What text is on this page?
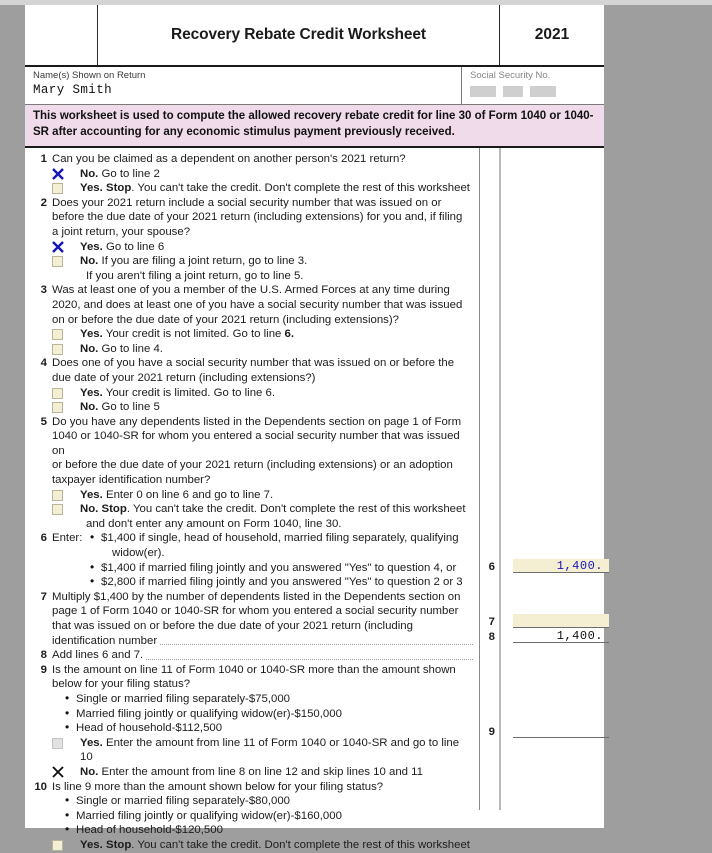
Recovery Rebate Credit Worksheet	2021
Name(s) Shown on Return
Mary Smith
Social Security No.

This worksheet is used to compute the allowed recovery rebate credit for line 30 of Form 1040 or 1040-SR after accounting for any economic stimulus payment previously received.

1 Can you be claimed as a dependent on another person's 2021 return?
No. Go to line 2
Yes. Stop. You can't take the credit. Don't complete the rest of this worksheet
2 Does your 2021 return include a social security number that was issued on or
before the due date of your 2021 return (including extensions) for you and, if filing
a joint return, your spouse?
Yes. Go to line 6
No. If you are filing a joint return, go to line 3.
If you aren't filing a joint return, go to line 5.
3 Was at least one of you a member of the U.S. Armed Forces at any time during
2020, and does at least one of you have a social security number that was issued
on or before the due date of your 2021 return (including extensions)?
Yes. Your credit is not limited. Go to line 6.
No. Go to line 4.
4 Does one of you have a social security number that was issued on or before the
due date of your 2021 return (including extensions?)
Yes. Your credit is limited. Go to line 6.
No. Go to line 5
5 Do you have any dependents listed in the Dependents section on page 1 of Form
1040 or 1040-SR for whom you entered a social security number that was issued on
or before the due date of your 2021 return (including extensions) or an adoption
taxpayer identification number?
Yes. Enter 0 on line 6 and go to line 7.
No. Stop. You can't take the credit. Don't complete the rest of this worksheet
and don't enter any amount on Form 1040, line 30.
6 Enter:	• $1,400 if single, head of household, married filing separately, qualifying
widow(er).
• $1,400 if married filing jointly and you answered "Yes" to question 4, or
• $2,800 if married filing jointly and you answered "Yes" to question 2 or 3
7 Multiply $1,400 by the number of dependents listed in the Dependents section on
page 1 of Form 1040 or 1040-SR for whom you entered a social security number
that was issued on or before the due date of your 2021 return (including
identification number
8 Add lines 6 and 7.
9 Is the amount on line 11 of Form 1040 or 1040-SR more than the amount shown
below for your filing status?
• Single or married filing separately-$75,000
• Married filing jointly or qualifying widow(er)-$150,000
• Head of household-$112,500
Yes. Enter the amount from line 11 of Form 1040 or 1040-SR and go to line 10
No. Enter the amount from line 8 on line 12 and skip lines 10 and 11
10 Is line 9 more than the amount shown below for your filing status?
• Single or married filing separately-$80,000
• Married filing jointly or qualifying widow(er)-$160,000
• Head of household-$120,500
Yes. Stop. You can't take the credit. Don't complete the rest of this worksheet
6
7
8
9
1,400.
1,400.
